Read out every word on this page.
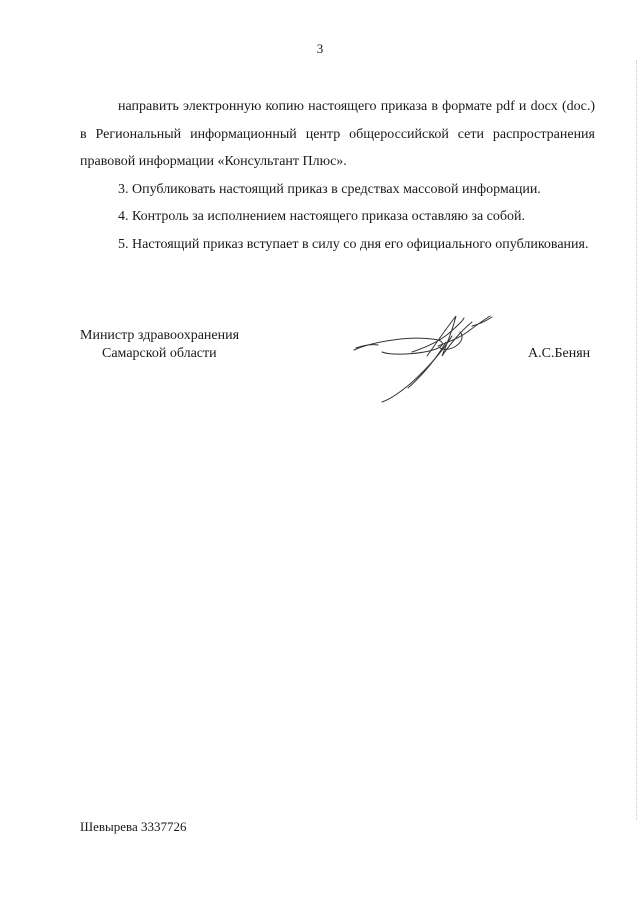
3

направить электронную копию настоящего приказа в формате pdf и docx (doc.) в Региональный информационный центр общероссийской сети распространения правовой информации «Консультант Плюс».

3. Опубликовать настоящий приказ в средствах массовой информации.

4. Контроль за исполнением настоящего приказа оставляю за собой.

5. Настоящий приказ вступает в силу со дня его официального опубликования.

Министр здравоохранения
Самарской области	А.С.Бенян
Шевырева 3337726
